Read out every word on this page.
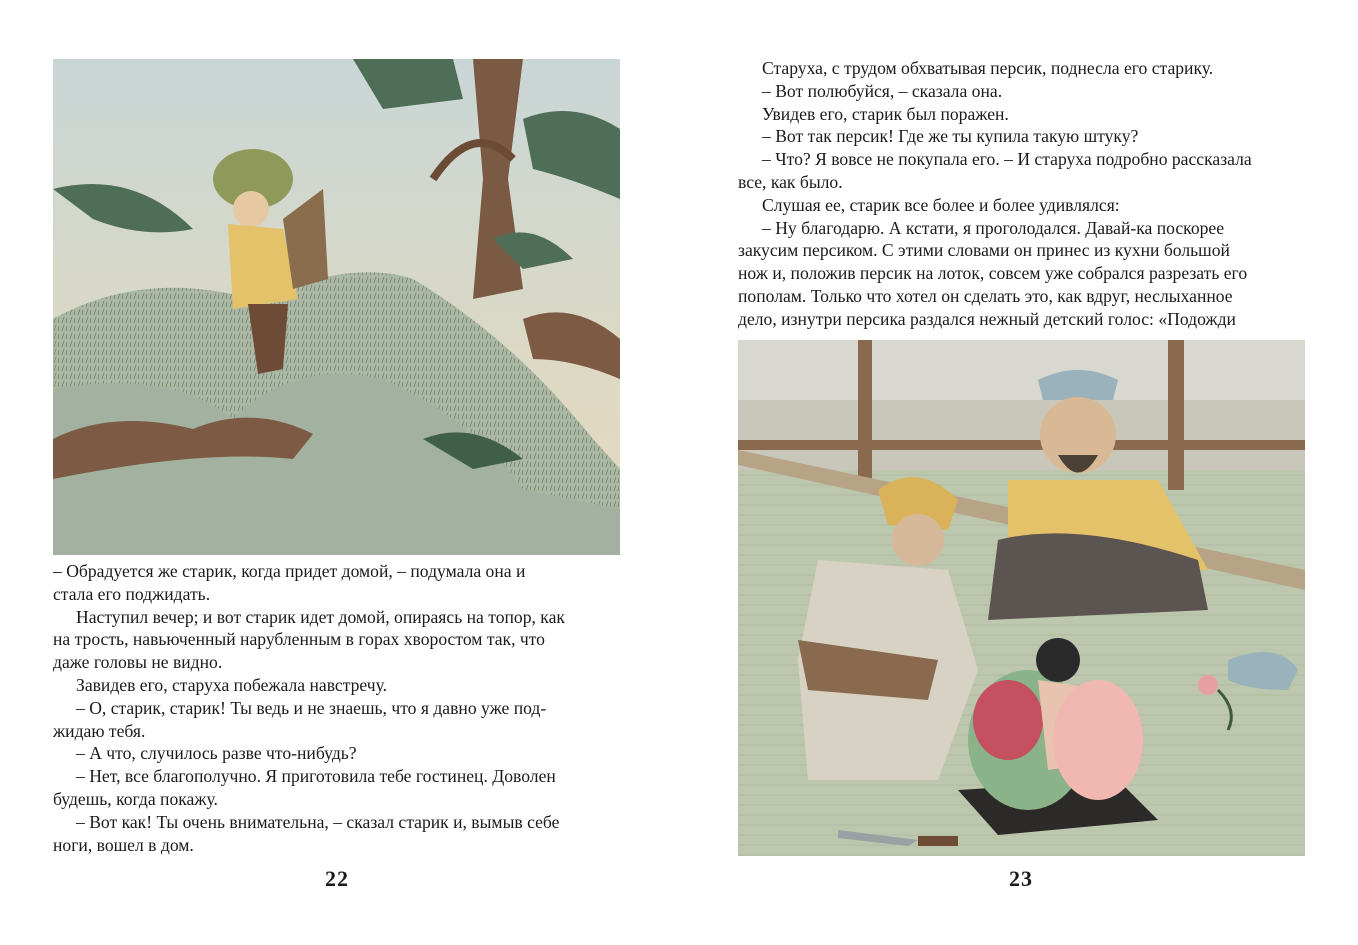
– Обрадуется же старик, когда придет домой, – подумала она и
стала его поджидать.
Наступил вечер; и вот старик идет домой, опираясь на топор, как
на трость, навьюченный нарубленным в горах хворостом так, что
даже головы не видно.
Завидев его, старуха побежала навстречу.
– О, старик, старик! Ты ведь и не знаешь, что я давно уже под-
жидаю тебя.
– А что, случилось разве что-нибудь?
– Нет, все благополучно. Я приготовила тебе гостинец. Доволен
будешь, когда покажу.
– Вот как! Ты очень внимательна, – сказал старик и, вымыв себе
ноги, вошел в дом.
22
Старуха, с трудом обхватывая персик, поднесла его старику.
– Вот полюбуйся, – сказала она.
Увидев его, старик был поражен.
– Вот так персик! Где же ты купила такую штуку?
– Что? Я вовсе не покупала его. – И старуха подробно рассказала
все, как было.
Слушая ее, старик все более и более удивлялся:
– Ну благодарю. А кстати, я проголодался. Давай-ка поскорее
закусим персиком. С этими словами он принес из кухни большой
нож и, положив персик на лоток, совсем уже собрался разрезать его
пополам. Только что хотел он сделать это, как вдруг, неслыханное
дело, изнутри персика раздался нежный детский голос: «Подожди
23
